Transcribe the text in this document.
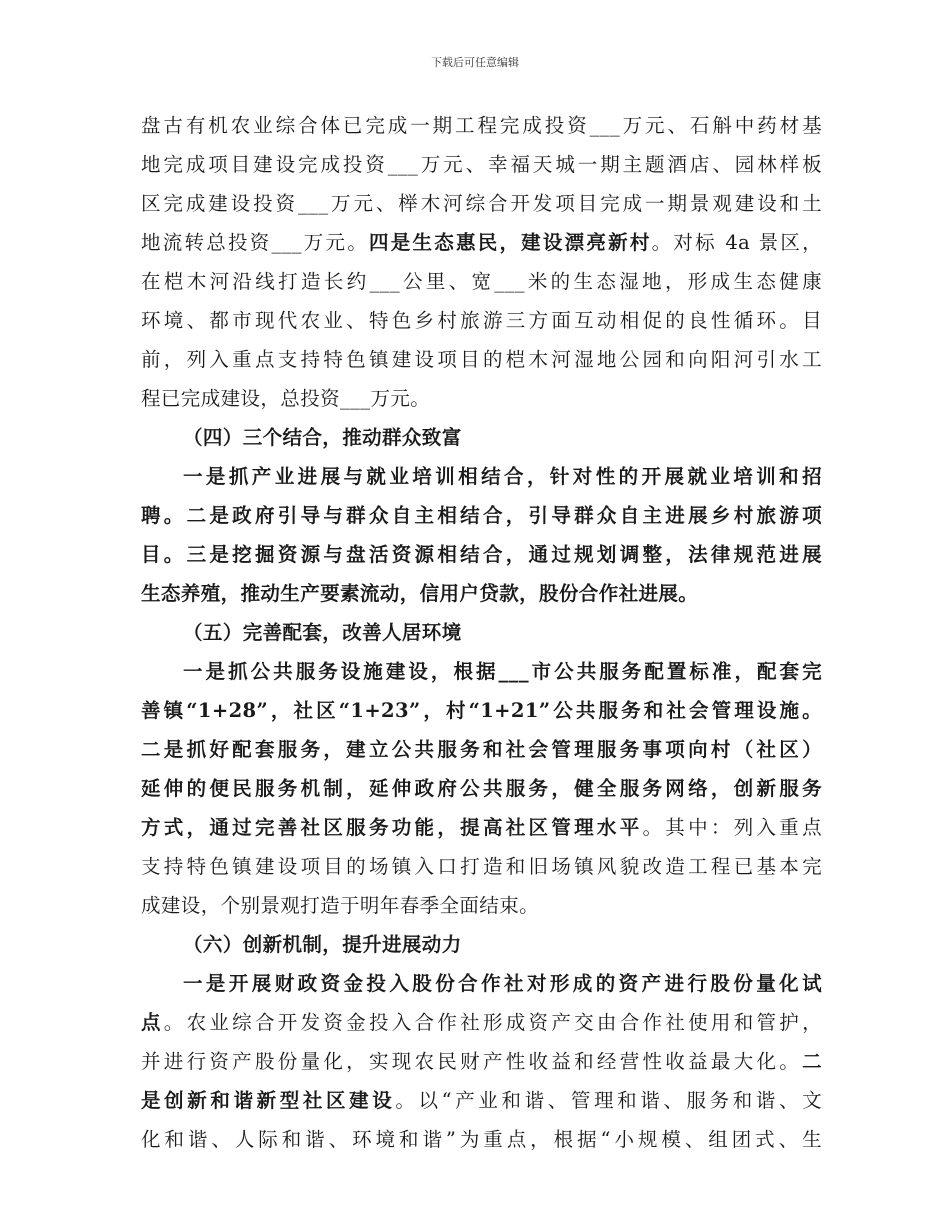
下载后可任意编辑
盘古有机农业综合体已完成一期工程完成投资___万元、石斛中药材基
地完成项目建设完成投资___万元、幸福天城一期主题酒店、园林样板
区完成建设投资___万元、榉木河综合开发项目完成一期景观建设和土
地流转总投资___万元。四是生态惠民，建设漂亮新村。对标 4a 景区，
在桤木河沿线打造长约___公里、宽___米的生态湿地，形成生态健康
环境、都市现代农业、特色乡村旅游三方面互动相促的良性循环。目
前，列入重点支持特色镇建设项目的桤木河湿地公园和向阳河引水工
程已完成建设，总投资___万元。
（四）三个结合，推动群众致富
一是抓产业进展与就业培训相结合，针对性的开展就业培训和招
聘。二是政府引导与群众自主相结合，引导群众自主进展乡村旅游项
目。三是挖掘资源与盘活资源相结合，通过规划调整，法律规范进展
生态养殖，推动生产要素流动，信用户贷款，股份合作社进展。
（五）完善配套，改善人居环境
一是抓公共服务设施建设，根据___市公共服务配置标准，配套完
善镇“1+28”，社区“1+23”，村“1+21”公共服务和社会管理设施。
二是抓好配套服务，建立公共服务和社会管理服务事项向村（社区）
延伸的便民服务机制，延伸政府公共服务，健全服务网络，创新服务
方式，通过完善社区服务功能，提高社区管理水平。其中：列入重点
支持特色镇建设项目的场镇入口打造和旧场镇风貌改造工程已基本完
成建设，个别景观打造于明年春季全面结束。
（六）创新机制，提升进展动力
一是开展财政资金投入股份合作社对形成的资产进行股份量化试
点。农业综合开发资金投入合作社形成资产交由合作社使用和管护，
并进行资产股份量化，实现农民财产性收益和经营性收益最大化。二
是创新和谐新型社区建设。以“产业和谐、管理和谐、服务和谐、文
化和谐、人际和谐、环境和谐”为重点，根据“小规模、组团式、生
